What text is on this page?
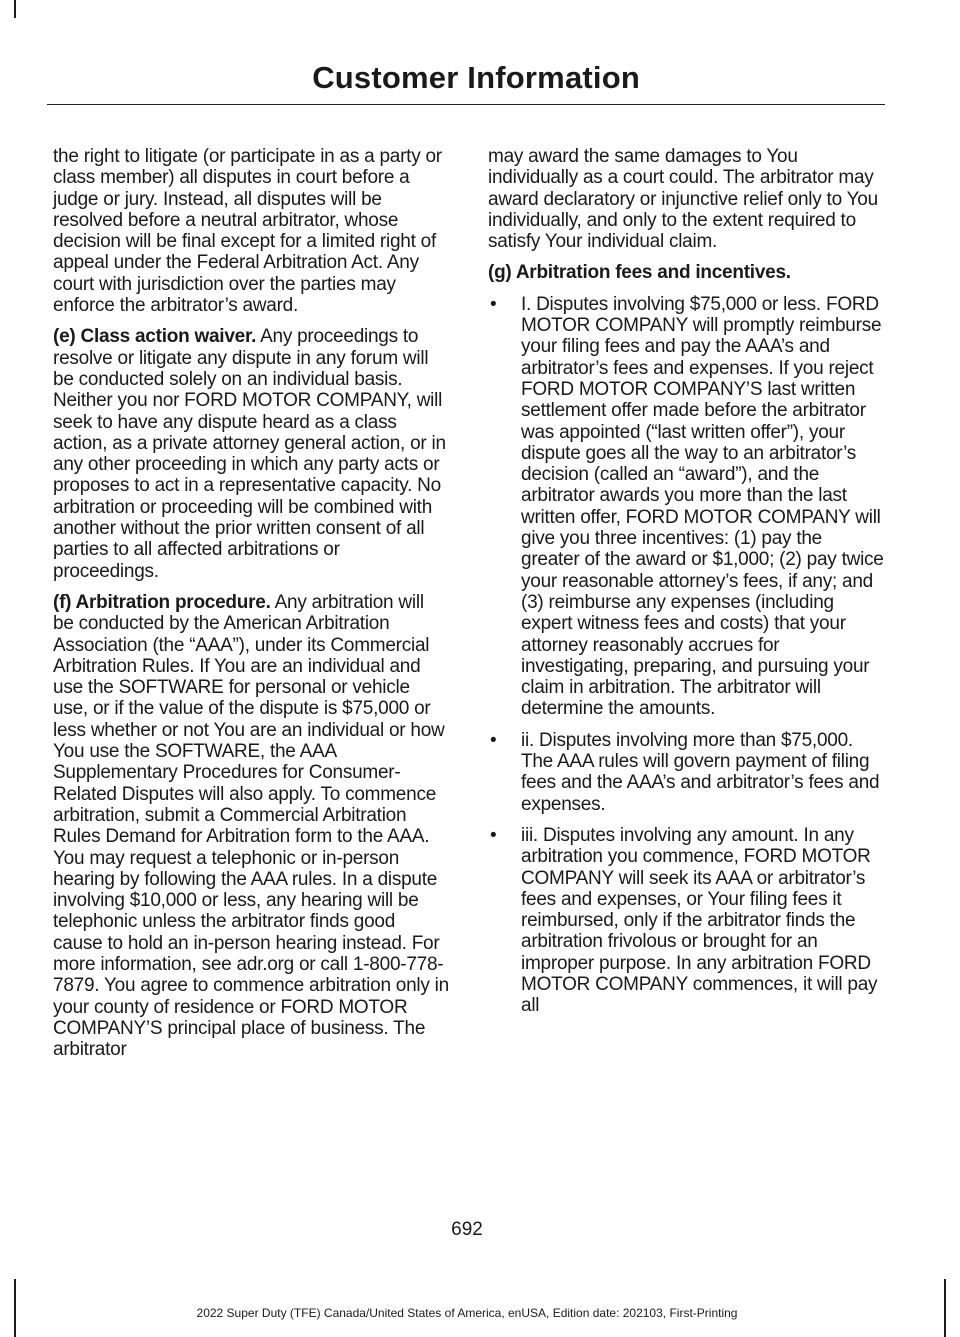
Customer Information

the right to litigate (or participate in as a party or class member) all disputes in court before a judge or jury. Instead, all disputes will be resolved before a neutral arbitrator, whose decision will be final except for a limited right of appeal under the Federal Arbitration Act. Any court with jurisdiction over the parties may enforce the arbitrator’s award.

(e) Class action waiver. Any proceedings to resolve or litigate any dispute in any forum will be conducted solely on an individual basis. Neither you nor FORD MOTOR COMPANY, will seek to have any dispute heard as a class action, as a private attorney general action, or in any other proceeding in which any party acts or proposes to act in a representative capacity. No arbitration or proceeding will be combined with another without the prior written consent of all parties to all affected arbitrations or proceedings.

(f) Arbitration procedure. Any arbitration will be conducted by the American Arbitration Association (the “AAA”), under its Commercial Arbitration Rules. If You are an individual and use the SOFTWARE for personal or vehicle use, or if the value of the dispute is $75,000 or less whether or not You are an individual or how You use the SOFTWARE, the AAA Supplementary Procedures for Consumer-Related Disputes will also apply. To commence arbitration, submit a Commercial Arbitration Rules Demand for Arbitration form to the AAA. You may request a telephonic or in-person hearing by following the AAA rules. In a dispute involving $10,000 or less, any hearing will be telephonic unless the arbitrator finds good cause to hold an in-person hearing instead. For more information, see adr.org or call 1-800-778-7879. You agree to commence arbitration only in your county of residence or FORD MOTOR COMPANY’S principal place of business. The arbitrator

may award the same damages to You individually as a court could. The arbitrator may award declaratory or injunctive relief only to You individually, and only to the extent required to satisfy Your individual claim.

(g) Arbitration fees and incentives.

• I. Disputes involving $75,000 or less. FORD MOTOR COMPANY will promptly reimburse your filing fees and pay the AAA’s and arbitrator’s fees and expenses. If you reject FORD MOTOR COMPANY’S last written settlement offer made before the arbitrator was appointed (“last written offer”), your dispute goes all the way to an arbitrator’s decision (called an “award”), and the arbitrator awards you more than the last written offer, FORD MOTOR COMPANY will give you three incentives: (1) pay the greater of the award or $1,000; (2) pay twice your reasonable attorney’s fees, if any; and (3) reimburse any expenses (including expert witness fees and costs) that your attorney reasonably accrues for investigating, preparing, and pursuing your claim in arbitration. The arbitrator will determine the amounts.
• ii. Disputes involving more than $75,000. The AAA rules will govern payment of filing fees and the AAA’s and arbitrator’s fees and expenses.
• iii. Disputes involving any amount. In any arbitration you commence, FORD MOTOR COMPANY will seek its AAA or arbitrator’s fees and expenses, or Your filing fees it reimbursed, only if the arbitrator finds the arbitration frivolous or brought for an improper purpose. In any arbitration FORD MOTOR COMPANY commences, it will pay all
692
2022 Super Duty (TFE) Canada/United States of America, enUSA, Edition date: 202103, First-Printing
